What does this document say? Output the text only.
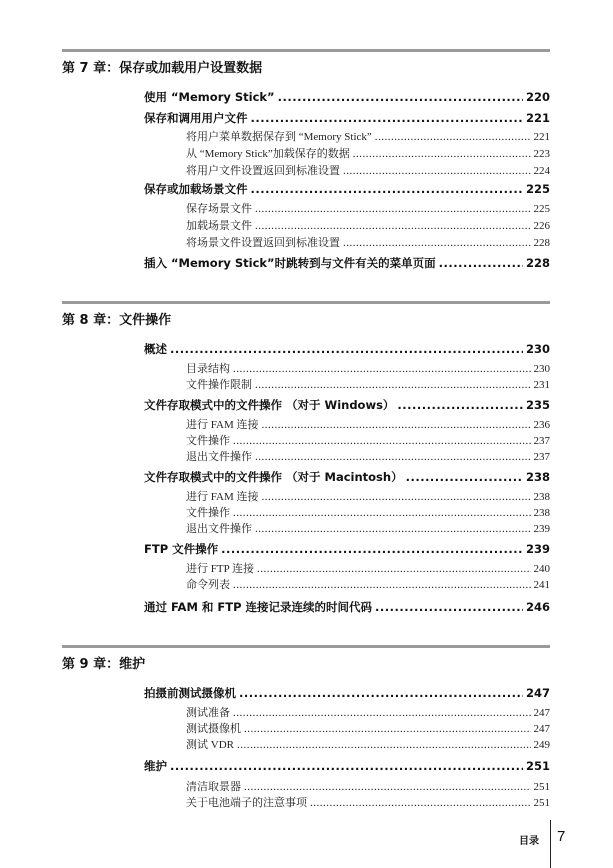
第 7 章：保存或加载用户设置数据
使用 “Memory Stick” .....	220
保存和调用用户文件 .....	221
将用户菜单数据保存到 “Memory Stick” .....	221
从 “Memory Stick”加载保存的数据 .....	223
将用户文件设置返回到标准设置 .....	224
保存或加载场景文件 .....	225
保存场景文件 .....	225
加载场景文件 .....	226
将场景文件设置返回到标准设置 .....	228
插入 “Memory Stick”时跳转到与文件有关的菜单页面 .....	228
第 8 章：文件操作
概述 .....	230
目录结构 .....	230
文件操作限制 .....	231
文件存取模式中的文件操作 （对于 Windows） .....	235
进行 FAM 连接 .....	236
文件操作 .....	237
退出文件操作 .....	237
文件存取模式中的文件操作 （对于 Macintosh） .....	238
进行 FAM 连接 .....	238
文件操作 .....	238
退出文件操作 .....	239
FTP 文件操作 .....	239
进行 FTP 连接 .....	240
命令列表 .....	241
通过 FAM 和 FTP 连接记录连续的时间代码 .....	246
第 9 章：维护
拍摄前测试摄像机 .....	247
测试准备 .....	247
测试摄像机 .....	247
测试 VDR .....	249
维护 .....	251
清洁取景器 .....	251
关于电池端子的注意事项 .....	251
目录 7
